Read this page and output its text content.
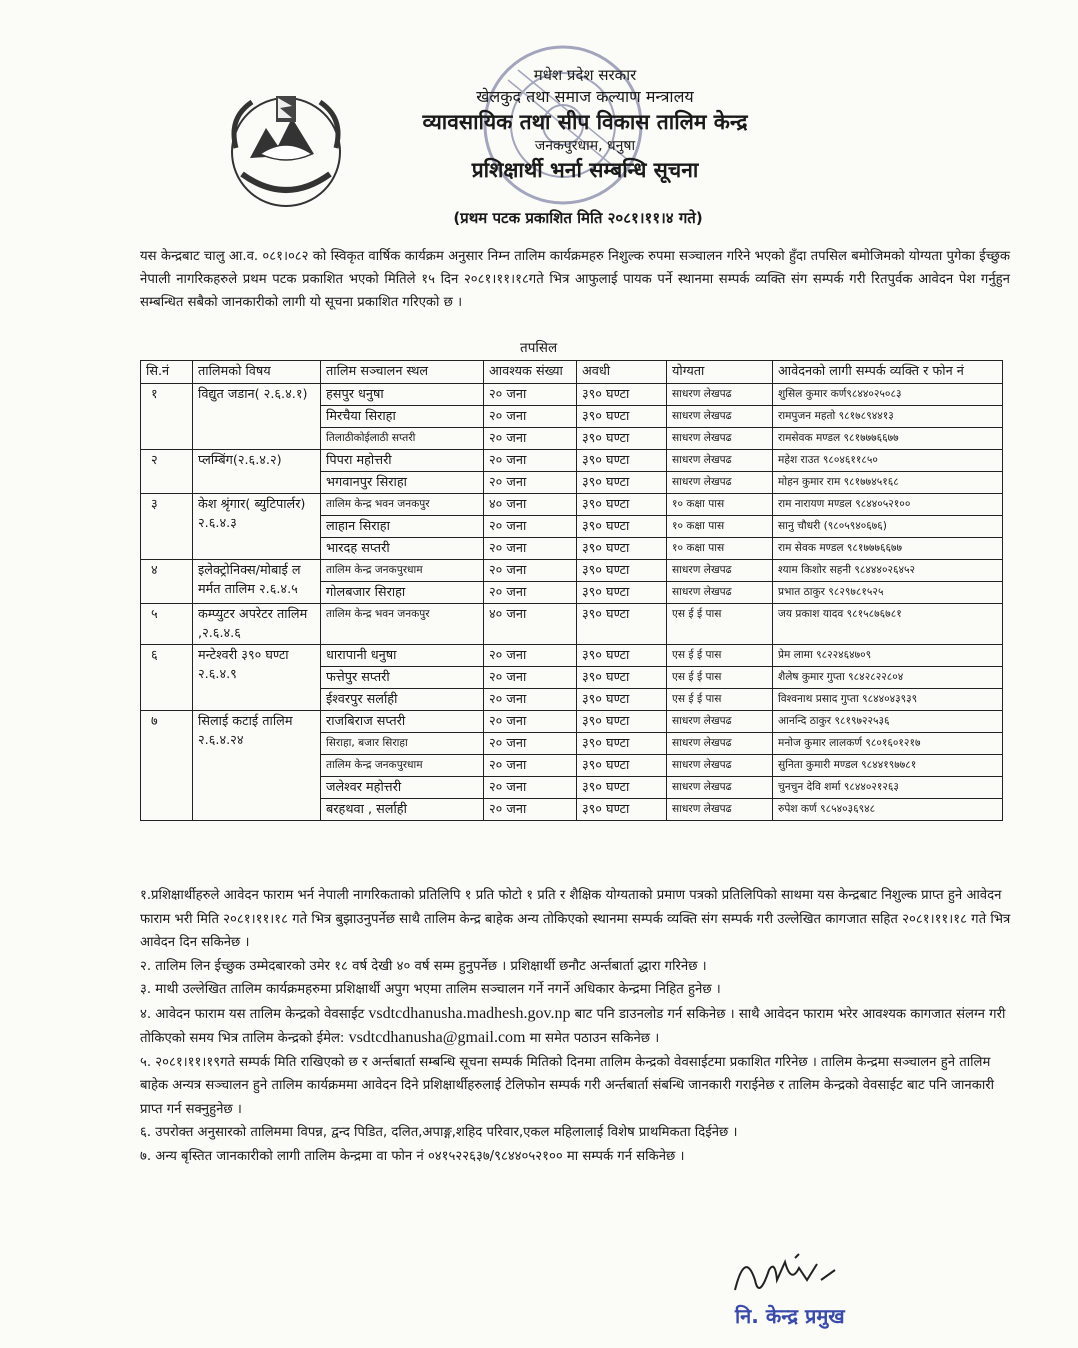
मधेश प्रदेश सरकार
खेलकुद तथा समाज कल्याण मन्त्रालय
व्यावसायिक तथा सीप विकास तालिम केन्द्र
जनकपुरधाम, धनुषा
प्रशिक्षार्थी भर्ना सम्बन्धि सूचना
(प्रथम पटक प्रकाशित मिति २०८१।११।४ गते)
यस केन्द्रबाट चालु आ.व. ०८१।०८२ को स्विकृत वार्षिक कार्यक्रम अनुसार निम्न तालिम कार्यक्रमहरु निशुल्क रुपमा सञ्चालन गरिने भएको हुँदा तपसिल बमोजिमको योग्यता पुगेका ईच्छुक नेपाली नागरिकहरुले प्रथम पटक प्रकाशित भएको मितिले १५ दिन २०८१।११।१८गते भित्र आफुलाई पायक पर्ने स्थानमा सम्पर्क व्यक्ति संग सम्पर्क गरी रितपुर्वक आवेदन पेश गर्नुहुन सम्बन्धित सबैको जानकारीको लागी यो सूचना प्रकाशित गरिएको छ ।
तपसिल
सि.नं	तालिमको विषय	तालिम सञ्चालन स्थल	आवश्यक संख्या	अवधी	योग्यता	आवेदनको लागी सम्पर्क व्यक्ति र फोन नं
१	विद्युत जडान( २.६.४.१)	हसपुर धनुषा	२० जना	३९० घण्टा	साधरण लेखपढ	शुसिल कुमार कर्ण९८४४०२५०८३
		मिरचैया सिराहा	२० जना	३९० घण्टा	साधरण लेखपढ	रामपुजन महतो ९८१७८९४४१३
		तिलाठीकोईलाठी सप्तरी	२० जना	३९० घण्टा	साधरण लेखपढ	रामसेवक मण्डल ९८१७७७६६७७
२	प्लम्बिंग(२.६.४.२)	पिपरा महोत्तरी	२० जना	३९० घण्टा	साधरण लेखपढ	महेश राउत ९८०४६११८५०
		भगवानपुर सिराहा	२० जना	३९० घण्टा	साधरण लेखपढ	मोहन कुमार राम ९८१७७४५१६८
३	केश श्रृंगार( ब्युटिपार्लर) २.६.४.३	तालिम केन्द्र भवन जनकपुर	४० जना	३९० घण्टा	१० कक्षा पास	राम नारायण मण्डल ९८४४०५२१००
		लाहान सिराहा	२० जना	३९० घण्टा	१० कक्षा पास	सानु चौधरी (९८०५९४०६७६)
		भारदह सप्तरी	२० जना	३९० घण्टा	१० कक्षा पास	राम सेवक मण्डल ९८१७७७६६७७
४	इलेक्ट्रोनिक्स/मोबाई ल मर्मत तालिम २.६.४.५	तालिम केन्द्र जनकपुरधाम	२० जना	३९० घण्टा	साधरण लेखपढ	श्याम किशोर सहनी ९८४४४०२६४५२
		गोलबजार सिराहा	२० जना	३९० घण्टा	साधरण लेखपढ	प्रभात ठाकुर ९८२९७८१५२५
५	कम्प्युटर अपरेटर तालिम ,२.६.४.६	तालिम केन्द्र भवन जनकपुर	४० जना	३९० घण्टा	एस ई ई पास	जय प्रकाश यादव ९८१५८७६७८१
६	मन्टेश्वरी ३९० घण्टा २.६.४.९	धारापानी धनुषा	२० जना	३९० घण्टा	एस ई ई पास	प्रेम लामा ९८२२४६४७०९
		फत्तेपुर सप्तरी	२० जना	३९० घण्टा	एस ई ई पास	शैलेष कुमार गुप्ता ९८४२८२२८०४
		ईश्वरपुर सर्लाही	२० जना	३९० घण्टा	एस ई ई पास	विश्वनाथ प्रसाद गुप्ता ९८४४०४३९३९
७	सिलाई कटाई तालिम २.६.४.२४	राजबिराज सप्तरी	२० जना	३९० घण्टा	साधरण लेखपढ	आनन्दि ठाकुर ९८१९७२२५३६
		सिराहा, बजार सिराहा	२० जना	३९० घण्टा	साधरण लेखपढ	मनोज कुमार लालकर्ण ९८०१६०१२१७
		तालिम केन्द्र जनकपुरधाम	२० जना	३९० घण्टा	साधरण लेखपढ	सुनिता कुमारी मण्डल ९८४४१९७७८१
		जलेश्वर महोत्तरी	२० जना	३९० घण्टा	साधरण लेखपढ	चुनचुन देवि शर्मा ९८४४०२१२६३
		बरहथवा , सर्लाही	२० जना	३९० घण्टा	साधरण लेखपढ	रुपेश कर्ण ९८५४०३६९४८
१.प्रशिक्षार्थीहरुले आवेदन फाराम भर्न नेपाली नागरिकताको प्रतिलिपि १ प्रति फोटो १ प्रति र शैक्षिक योग्यताको प्रमाण पत्रको प्रतिलिपिको साथमा यस केन्द्रबाट निशुल्क प्राप्त हुने आवेदन फाराम भरी मिति २०८१।११।१८ गते भित्र बुझाउनुपर्नेछ साथै तालिम केन्द्र बाहेक अन्य तोकिएको स्थानमा सम्पर्क व्यक्ति संग सम्पर्क गरी उल्लेखित कागजात सहित २०८१।११।१८ गते भित्र आवेदन दिन सकिनेछ ।
२. तालिम लिन ईच्छुक उम्मेदबारको उमेर १८ वर्ष देखी ४० वर्ष सम्म हुनुपर्नेछ । प्रशिक्षार्थी छनौट अर्न्तबार्ता द्धारा गरिनेछ ।
३. माथी उल्लेखित तालिम कार्यक्रमहरुमा प्रशिक्षार्थी अपुग भएमा तालिम सञ्चालन गर्ने नगर्ने अधिकार केन्द्रमा निहित हुनेछ ।
४. आवेदन फाराम यस तालिम केन्द्रको वेवसाईट vsdtcdhanusha.madhesh.gov.np बाट पनि डाउनलोड गर्न सकिनेछ । साथै आवेदन फाराम भरेर आवश्यक कागजात संलग्न गरी तोकिएको समय भित्र तालिम केन्द्रको ईमेल: vsdtcdhanusha@gmail.com मा समेत पठाउन सकिनेछ ।
५. २०८१।११।१९गते सम्पर्क मिति राखिएको छ र अर्न्तबार्ता सम्बन्धि सूचना सम्पर्क मितिको दिनमा तालिम केन्द्रको वेवसाईटमा प्रकाशित गरिनेछ । तालिम केन्द्रमा सञ्चालन हुने तालिम बाहेक अन्यत्र सञ्चालन हुने तालिम कार्यक्रममा आवेदन दिने प्रशिक्षार्थीहरुलाई टेलिफोन सम्पर्क गरी अर्न्तबार्ता संबन्धि जानकारी गराईनेछ र तालिम केन्द्रको वेवसाईट बाट पनि जानकारी प्राप्त गर्न सक्नुहुनेछ ।
६. उपरोक्त अनुसारको तालिममा विपन्न, द्वन्द पिडित, दलित,अपाङ्ग,शहिद परिवार,एकल महिलालाई विशेष प्राथमिकता दिईनेछ ।
७. अन्य बृस्तित जानकारीको लागी तालिम केन्द्रमा वा फोन नं ०४१५२२६३७/९८४४०५२१०० मा सम्पर्क गर्न सकिनेछ ।
नि. केन्द्र प्रमुख
